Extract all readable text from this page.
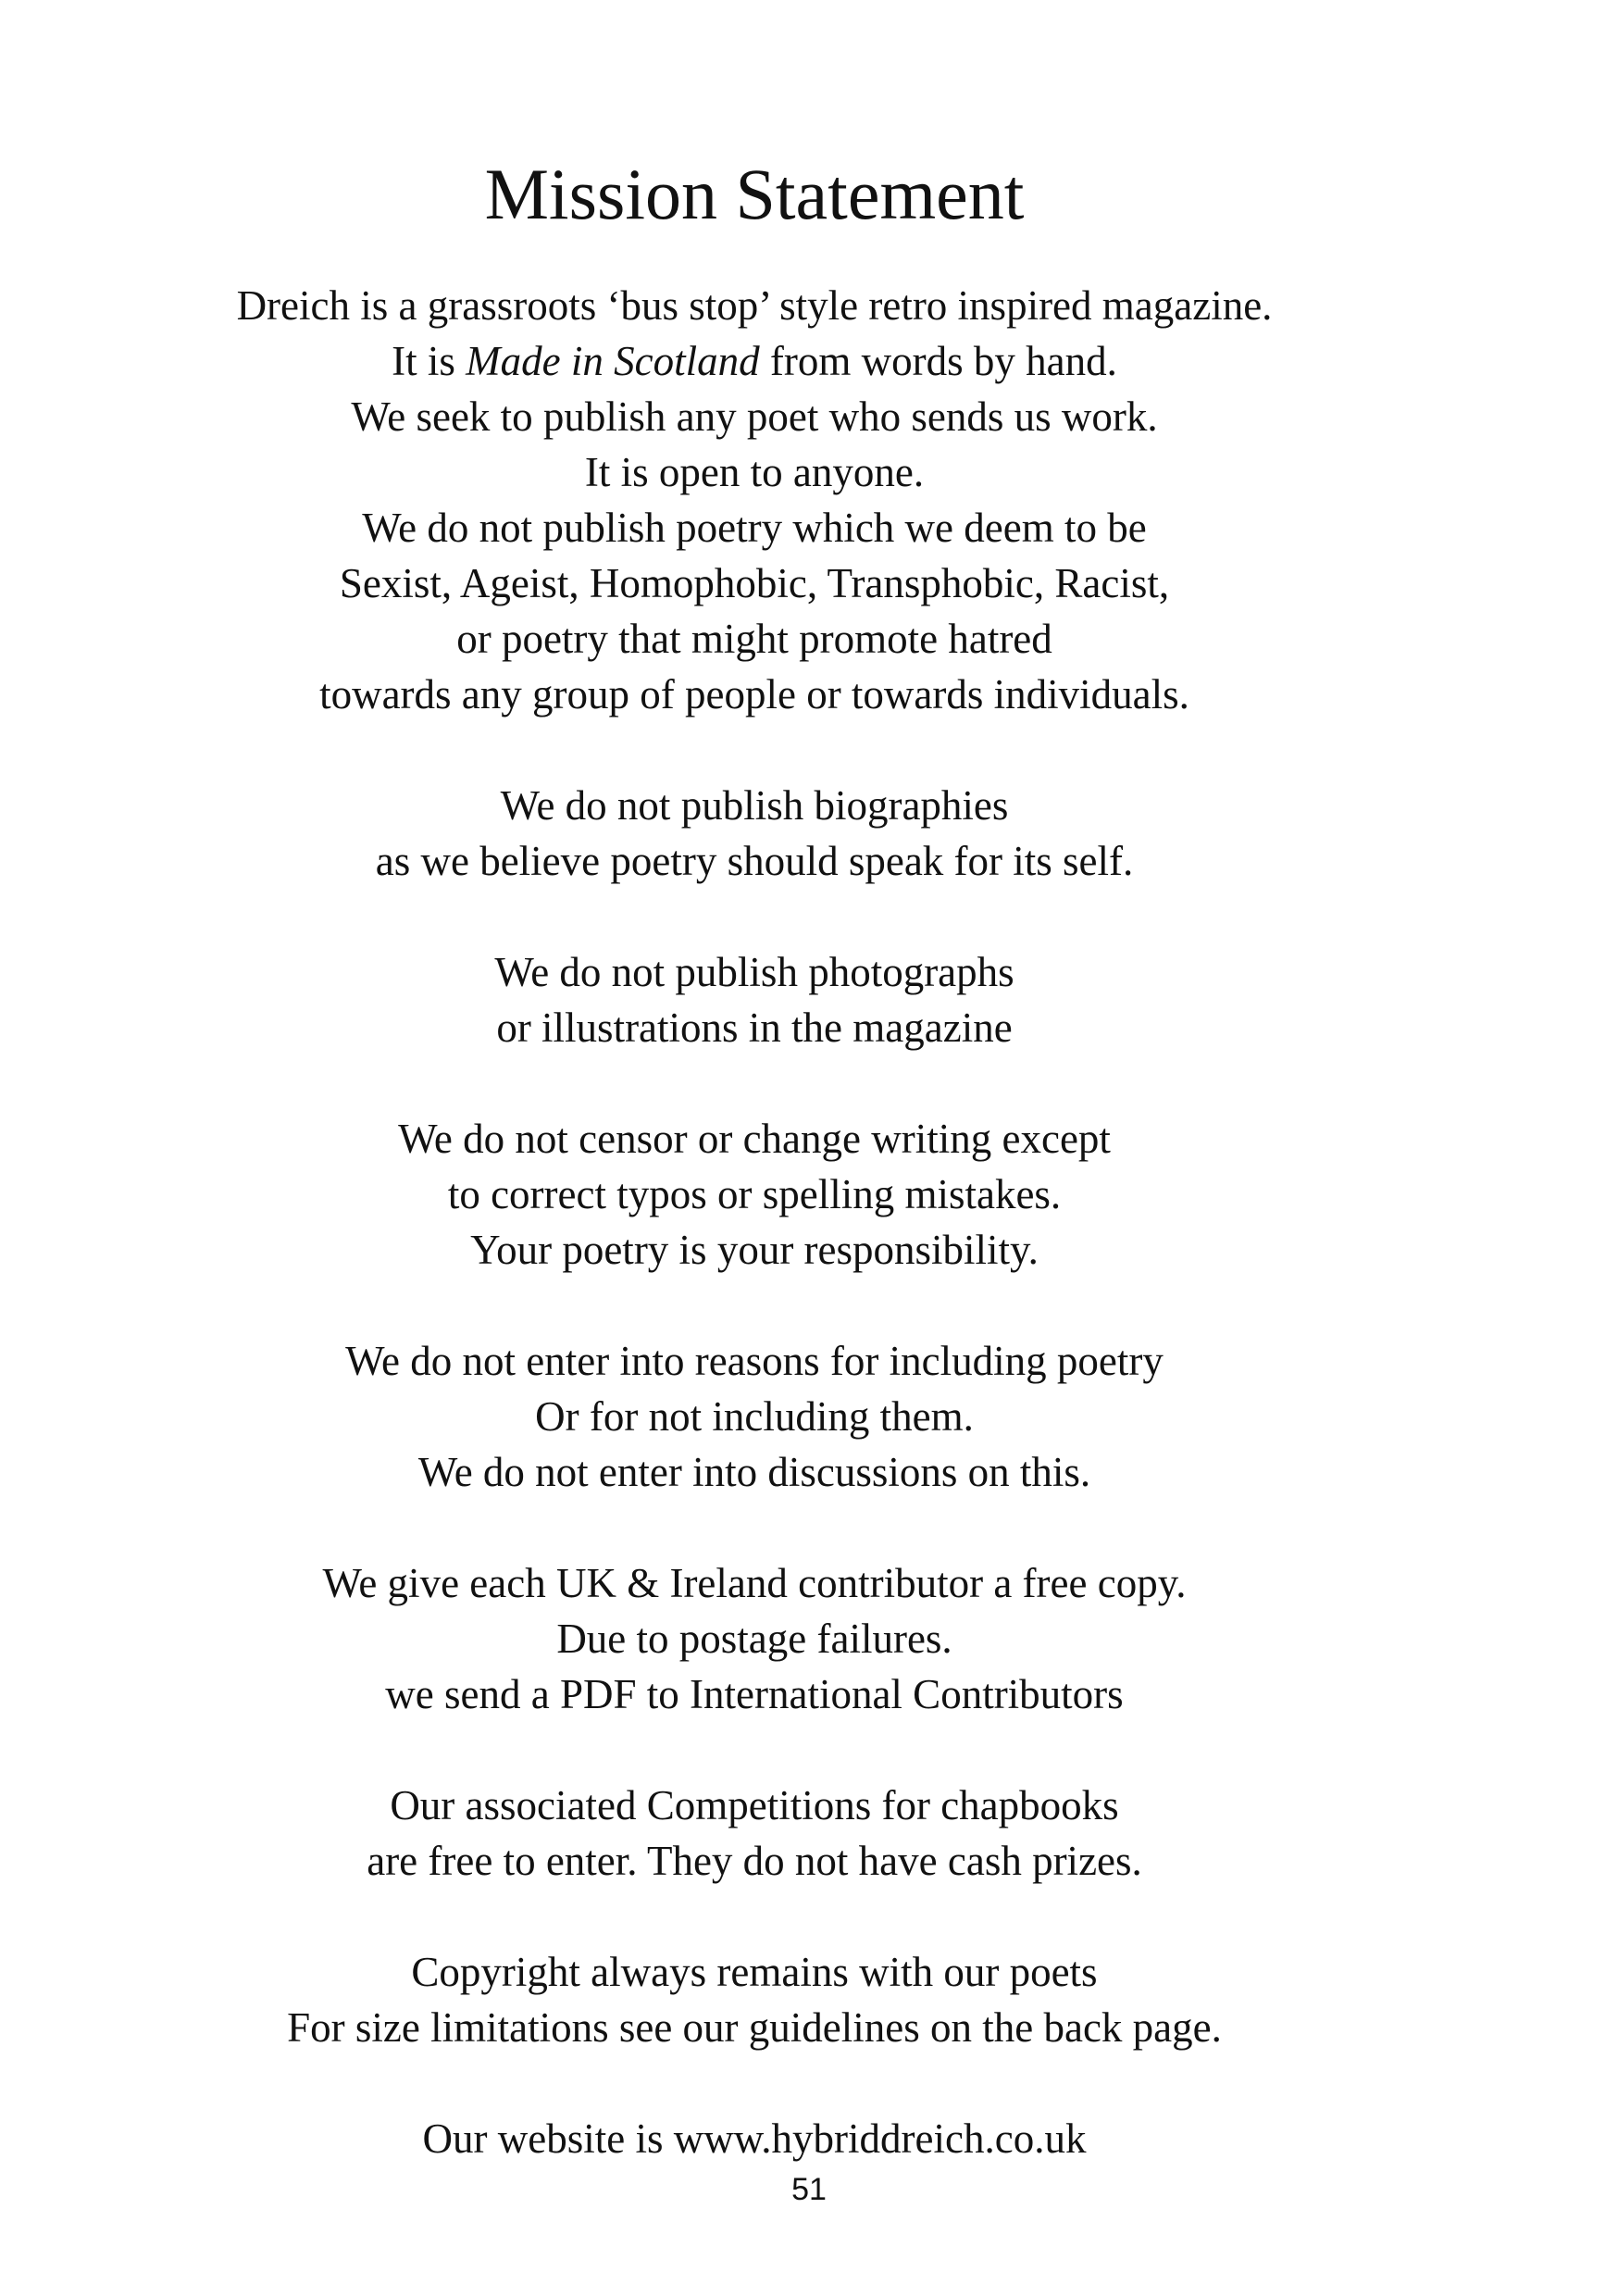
Mission Statement
Dreich is a grassroots ‘bus stop’ style retro inspired magazine.
It is Made in Scotland from words by hand.
We seek to publish any poet who sends us work.
It is open to anyone.
We do not publish poetry which we deem to be
Sexist, Ageist, Homophobic, Transphobic, Racist,
or poetry that might promote hatred
towards any group of people or towards individuals.
We do not publish biographies
as we believe poetry should speak for its self.
We do not publish photographs
or illustrations in the magazine
We do not censor or change writing except
to correct typos or spelling mistakes.
Your poetry is your responsibility.
We do not enter into reasons for including poetry
Or for not including them.
We do not enter into discussions on this.
We give each UK & Ireland contributor a free copy.
Due to postage failures.
we send a PDF to International Contributors
Our associated Competitions for chapbooks
are free to enter. They do not have cash prizes.
Copyright always remains with our poets
For size limitations see our guidelines on the back page.
Our website is www.hybriddreich.co.uk
51
